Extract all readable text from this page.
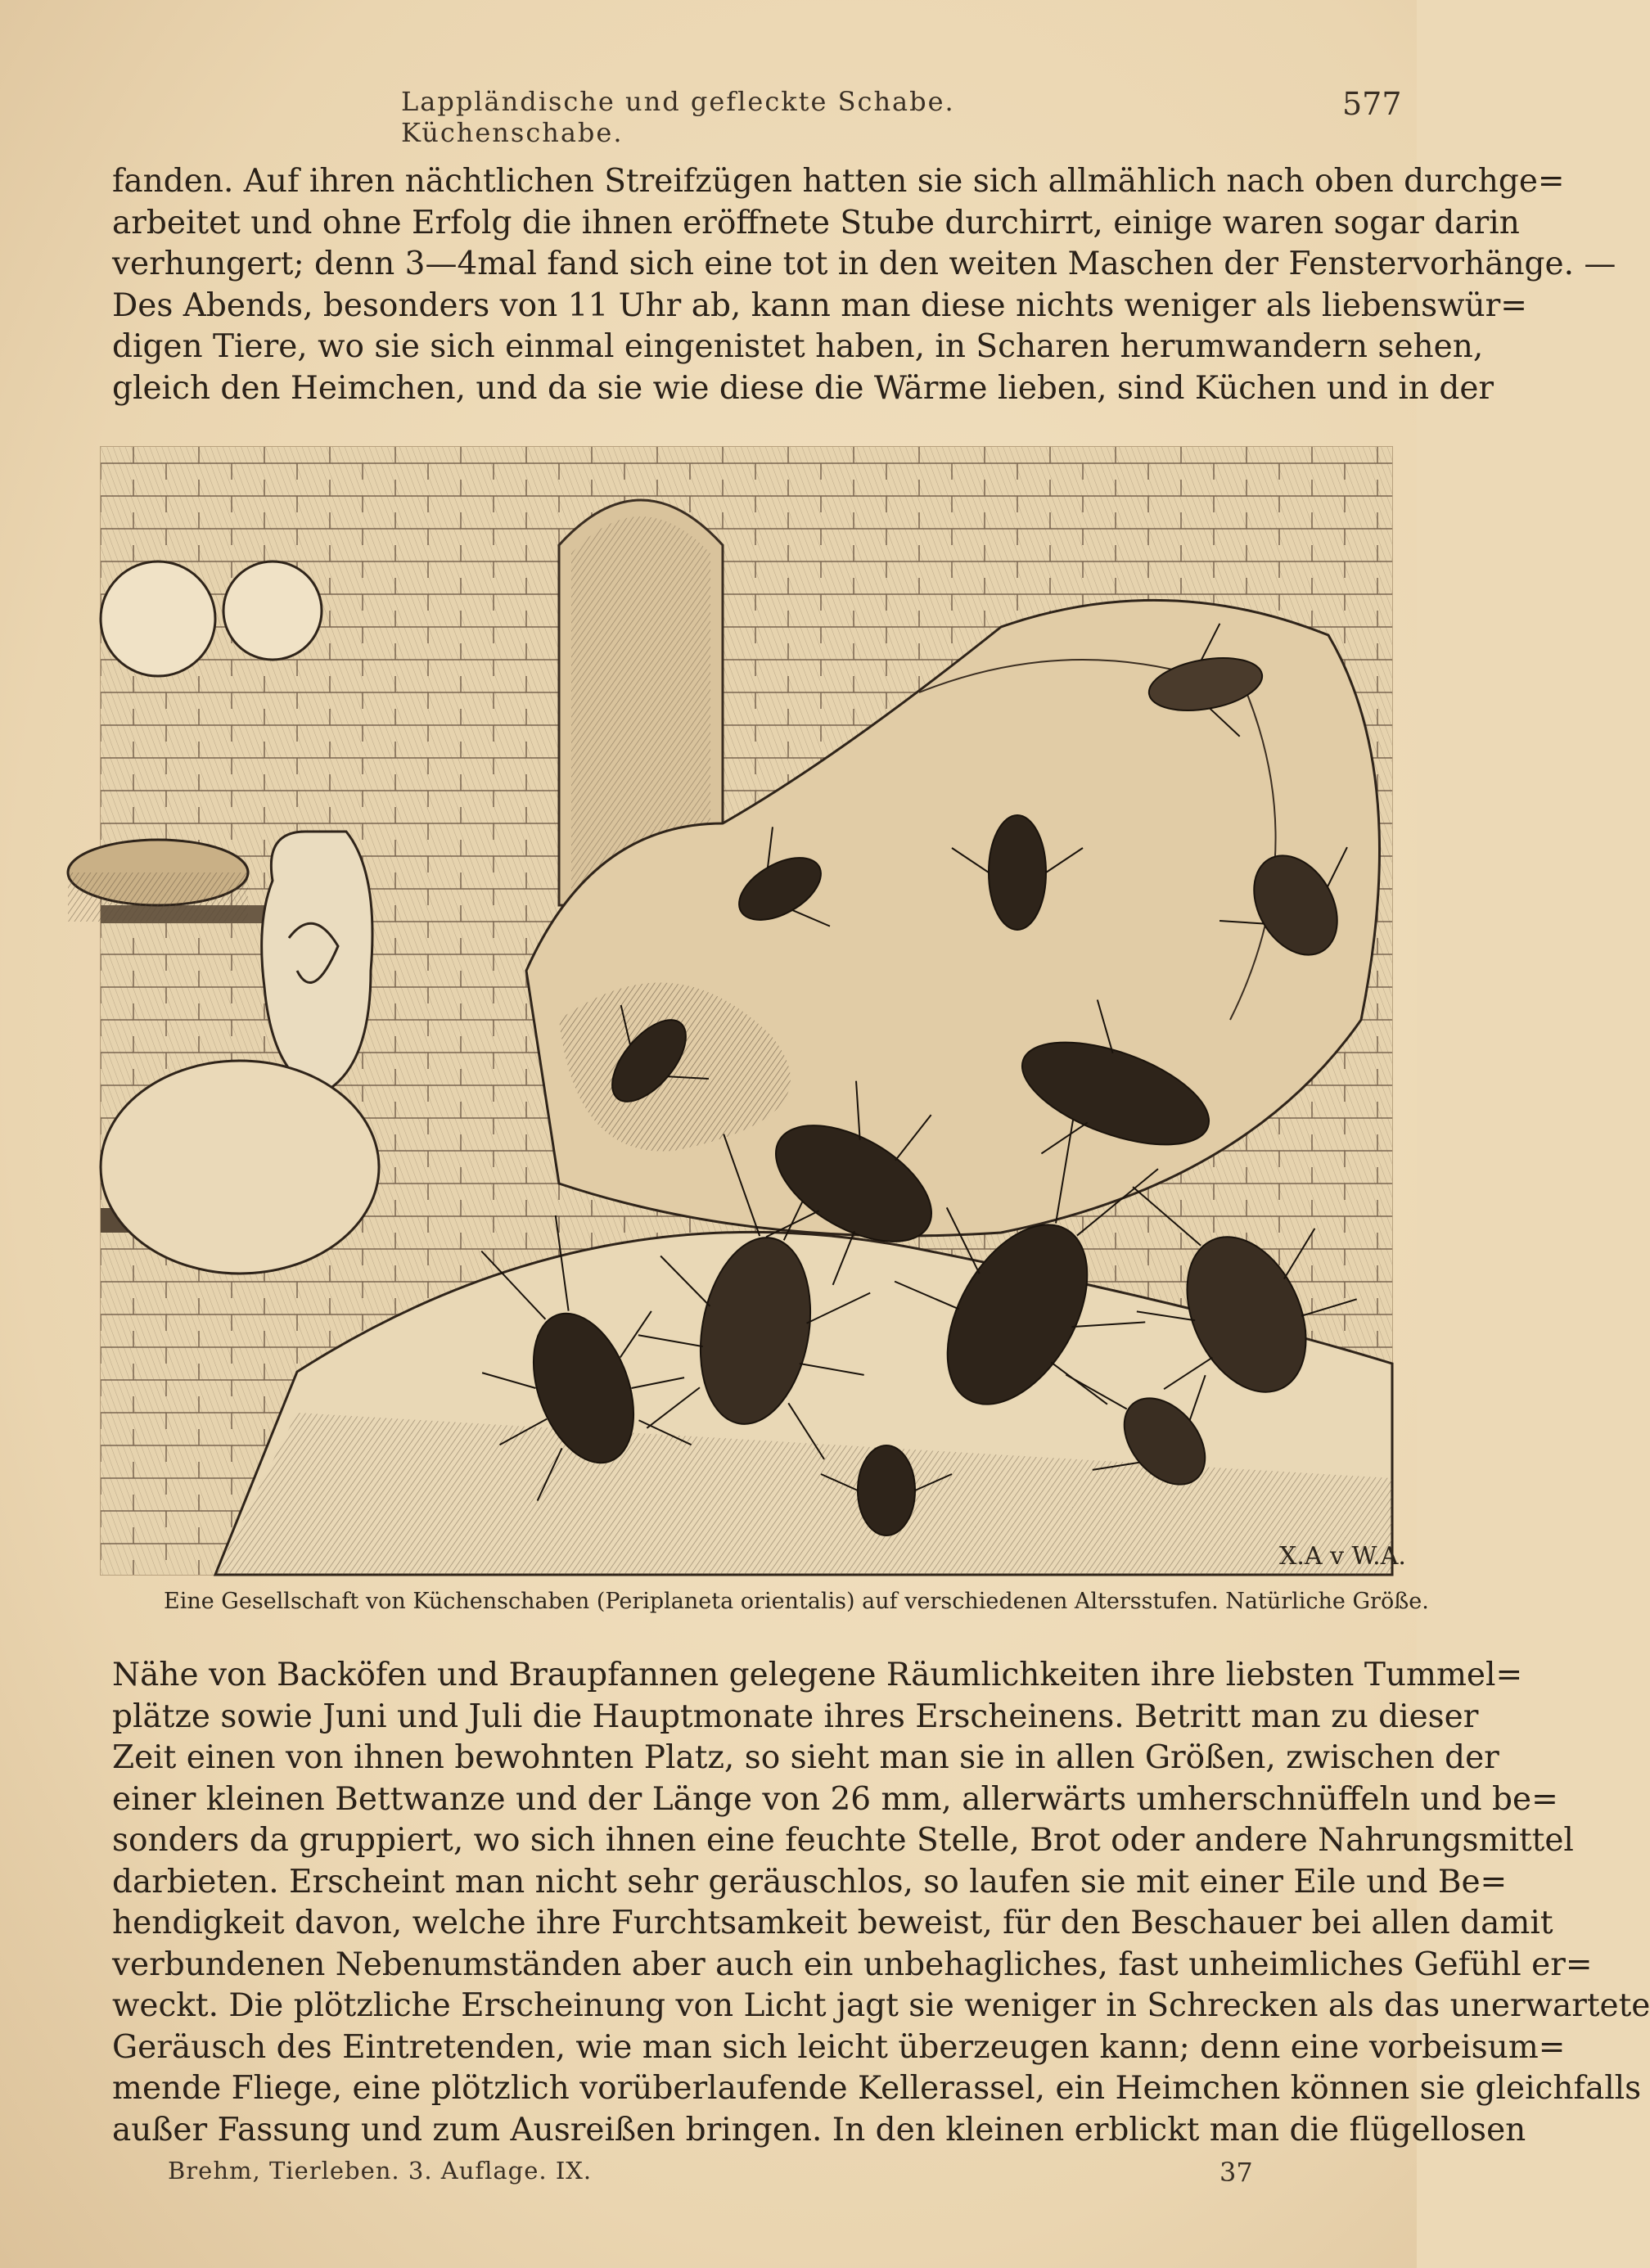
Lappländische und gefleckte Schabe. Küchenschabe.
577
fanden. Auf ihren nächtlichen Streifzügen hatten sie sich allmählich nach oben durchge=
arbeitet und ohne Erfolg die ihnen eröffnete Stube durchirrt, einige waren sogar darin
verhungert; denn 3—4mal fand sich eine tot in den weiten Maschen der Fenstervorhänge. —
Des Abends, besonders von 11 Uhr ab, kann man diese nichts weniger als liebenswür=
digen Tiere, wo sie sich einmal eingenistet haben, in Scharen herumwandern sehen,
gleich den Heimchen, und da sie wie diese die Wärme lieben, sind Küchen und in der
X.A v W.A.
Eine Gesellschaft von Küchenschaben (Periplaneta orientalis) auf verschiedenen Altersstufen. Natürliche Größe.
Nähe von Backöfen und Braupfannen gelegene Räumlichkeiten ihre liebsten Tummel=
plätze sowie Juni und Juli die Hauptmonate ihres Erscheinens. Betritt man zu dieser
Zeit einen von ihnen bewohnten Platz, so sieht man sie in allen Größen, zwischen der
einer kleinen Bettwanze und der Länge von 26 mm, allerwärts umherschnüffeln und be=
sonders da gruppiert, wo sich ihnen eine feuchte Stelle, Brot oder andere Nahrungsmittel
darbieten. Erscheint man nicht sehr geräuschlos, so laufen sie mit einer Eile und Be=
hendigkeit davon, welche ihre Furchtsamkeit beweist, für den Beschauer bei allen damit
verbundenen Nebenumständen aber auch ein unbehagliches, fast unheimliches Gefühl er=
weckt. Die plötzliche Erscheinung von Licht jagt sie weniger in Schrecken als das unerwartete
Geräusch des Eintretenden, wie man sich leicht überzeugen kann; denn eine vorbeisum=
mende Fliege, eine plötzlich vorüberlaufende Kellerassel, ein Heimchen können sie gleichfalls
außer Fassung und zum Ausreißen bringen. In den kleinen erblickt man die flügellosen
Brehm, Tierleben. 3. Auflage. IX.	37
